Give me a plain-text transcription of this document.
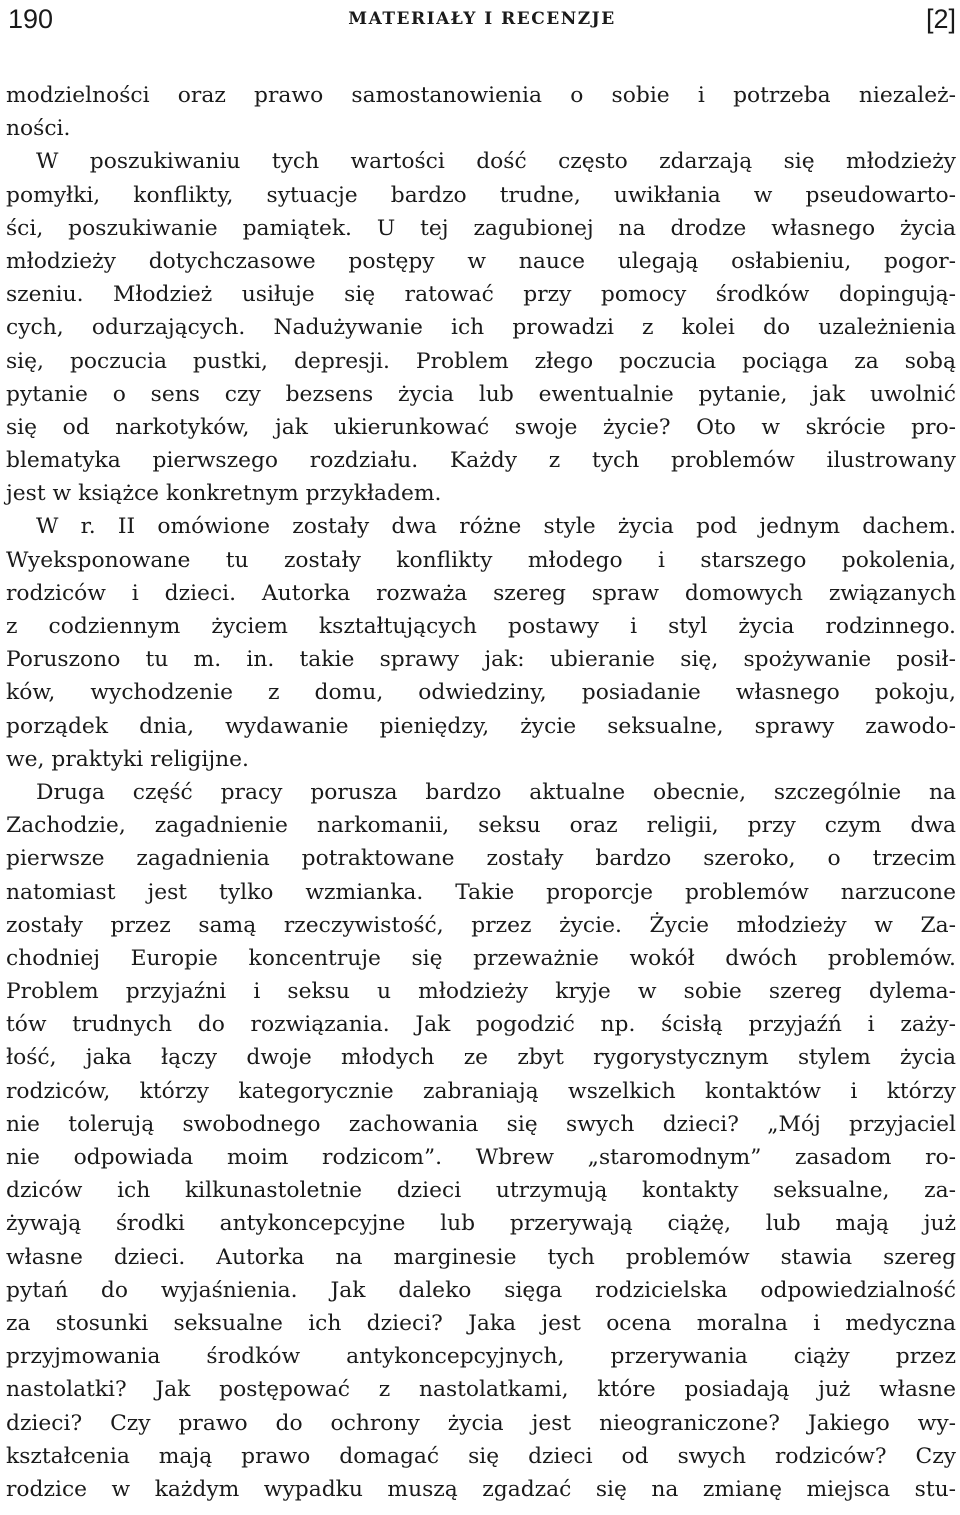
190	MATERIAŁY I RECENZJE	[2]
modzielności oraz prawo samostanowienia o sobie i potrzeba niezależ-
ności.
W poszukiwaniu tych wartości dość często zdarzają się młodzieży
pomyłki, konflikty, sytuacje bardzo trudne, uwikłania w pseudowarto-
ści, poszukiwanie pamiątek. U tej zagubionej na drodze własnego życia
młodzieży dotychczasowe postępy w nauce ulegają osłabieniu, pogor-
szeniu. Młodzież usiłuje się ratować przy pomocy środków dopingują-
cych, odurzających. Nadużywanie ich prowadzi z kolei do uzależnienia
się, poczucia pustki, depresji. Problem złego poczucia pociąga za sobą
pytanie o sens czy bezsens życia lub ewentualnie pytanie, jak uwolnić
się od narkotyków, jak ukierunkować swoje życie? Oto w skrócie pro-
blematyka pierwszego rozdziału. Każdy z tych problemów ilustrowany
jest w książce konkretnym przykładem.
W r. II omówione zostały dwa różne style życia pod jednym dachem.
Wyeksponowane tu zostały konflikty młodego i starszego pokolenia,
rodziców i dzieci. Autorka rozważa szereg spraw domowych związanych
z codziennym życiem kształtujących postawy i styl życia rodzinnego.
Poruszono tu m. in. takie sprawy jak: ubieranie się, spożywanie posił-
ków, wychodzenie z domu, odwiedziny, posiadanie własnego pokoju,
porządek dnia, wydawanie pieniędzy, życie seksualne, sprawy zawodo-
we, praktyki religijne.
Druga część pracy porusza bardzo aktualne obecnie, szczególnie na
Zachodzie, zagadnienie narkomanii, seksu oraz religii, przy czym dwa
pierwsze zagadnienia potraktowane zostały bardzo szeroko, o trzecim
natomiast jest tylko wzmianka. Takie proporcje problemów narzucone
zostały przez samą rzeczywistość, przez życie. Życie młodzieży w Za-
chodniej Europie koncentruje się przeważnie wokół dwóch problemów.
Problem przyjaźni i seksu u młodzieży kryje w sobie szereg dylema-
tów trudnych do rozwiązania. Jak pogodzić np. ścisłą przyjaźń i zaży-
łość, jaka łączy dwoje młodych ze zbyt rygorystycznym stylem życia
rodziców, którzy kategorycznie zabraniają wszelkich kontaktów i którzy
nie tolerują swobodnego zachowania się swych dzieci? „Mój przyjaciel
nie odpowiada moim rodzicom”. Wbrew „staromodnym” zasadom ro-
dziców ich kilkunastoletnie dzieci utrzymują kontakty seksualne, za-
żywają środki antykoncepcyjne lub przerywają ciążę, lub mają już
własne dzieci. Autorka na marginesie tych problemów stawia szereg
pytań do wyjaśnienia. Jak daleko sięga rodzicielska odpowiedzialność
za stosunki seksualne ich dzieci? Jaka jest ocena moralna i medyczna
przyjmowania środków antykoncepcyjnych, przerywania ciąży przez
nastolatki? Jak postępować z nastolatkami, które posiadają już własne
dzieci? Czy prawo do ochrony życia jest nieograniczone? Jakiego wy-
kształcenia mają prawo domagać się dzieci od swych rodziców? Czy
rodzice w każdym wypadku muszą zgadzać się na zmianę miejsca stu-
